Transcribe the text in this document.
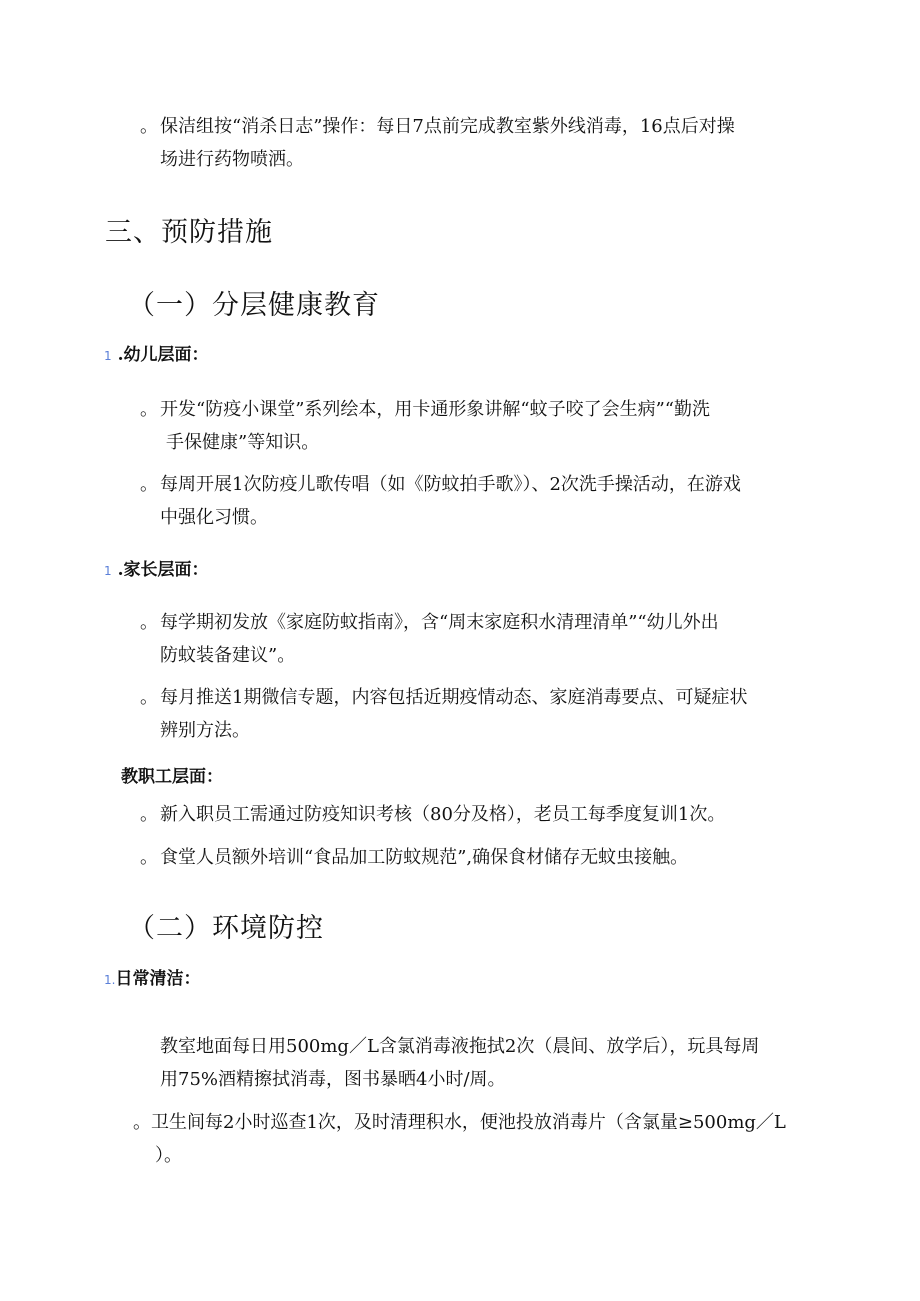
。 保洁组按“消杀日志”操作：每日7点前完成教室紫外线消毒，16点后对操
场进行药物喷洒。
三、预防措施
（一）分层健康教育
1 .幼儿层面：
。 开发“防疫小课堂”系列绘本，用卡通形象讲解“蚊子咬了会生病”“勤洗
手保健康”等知识。
。 每周开展1次防疫儿歌传唱（如《防蚊拍手歌》）、2次洗手操活动，在游戏
中强化习惯。
1 .家长层面：
。 每学期初发放《家庭防蚊指南》，含“周末家庭积水清理清单”“幼儿外出
防蚊装备建议”。
。 每月推送1期微信专题，内容包括近期疫情动态、家庭消毒要点、可疑症状
辨别方法。
教职工层面：
。 新入职员工需通过防疫知识考核（80分及格），老员工每季度复训1次。
。 食堂人员额外培训“食品加工防蚊规范”,确保食材储存无蚊虫接触。
（二）环境防控
1.日常清洁：
教室地面每日用500mg／L含氯消毒液拖拭2次（晨间、放学后），玩具每周
用75%酒精擦拭消毒，图书暴晒4小时/周。
。卫生间每2小时巡查1次，及时清理积水，便池投放消毒片（含氯量≥500mg／L
）。
